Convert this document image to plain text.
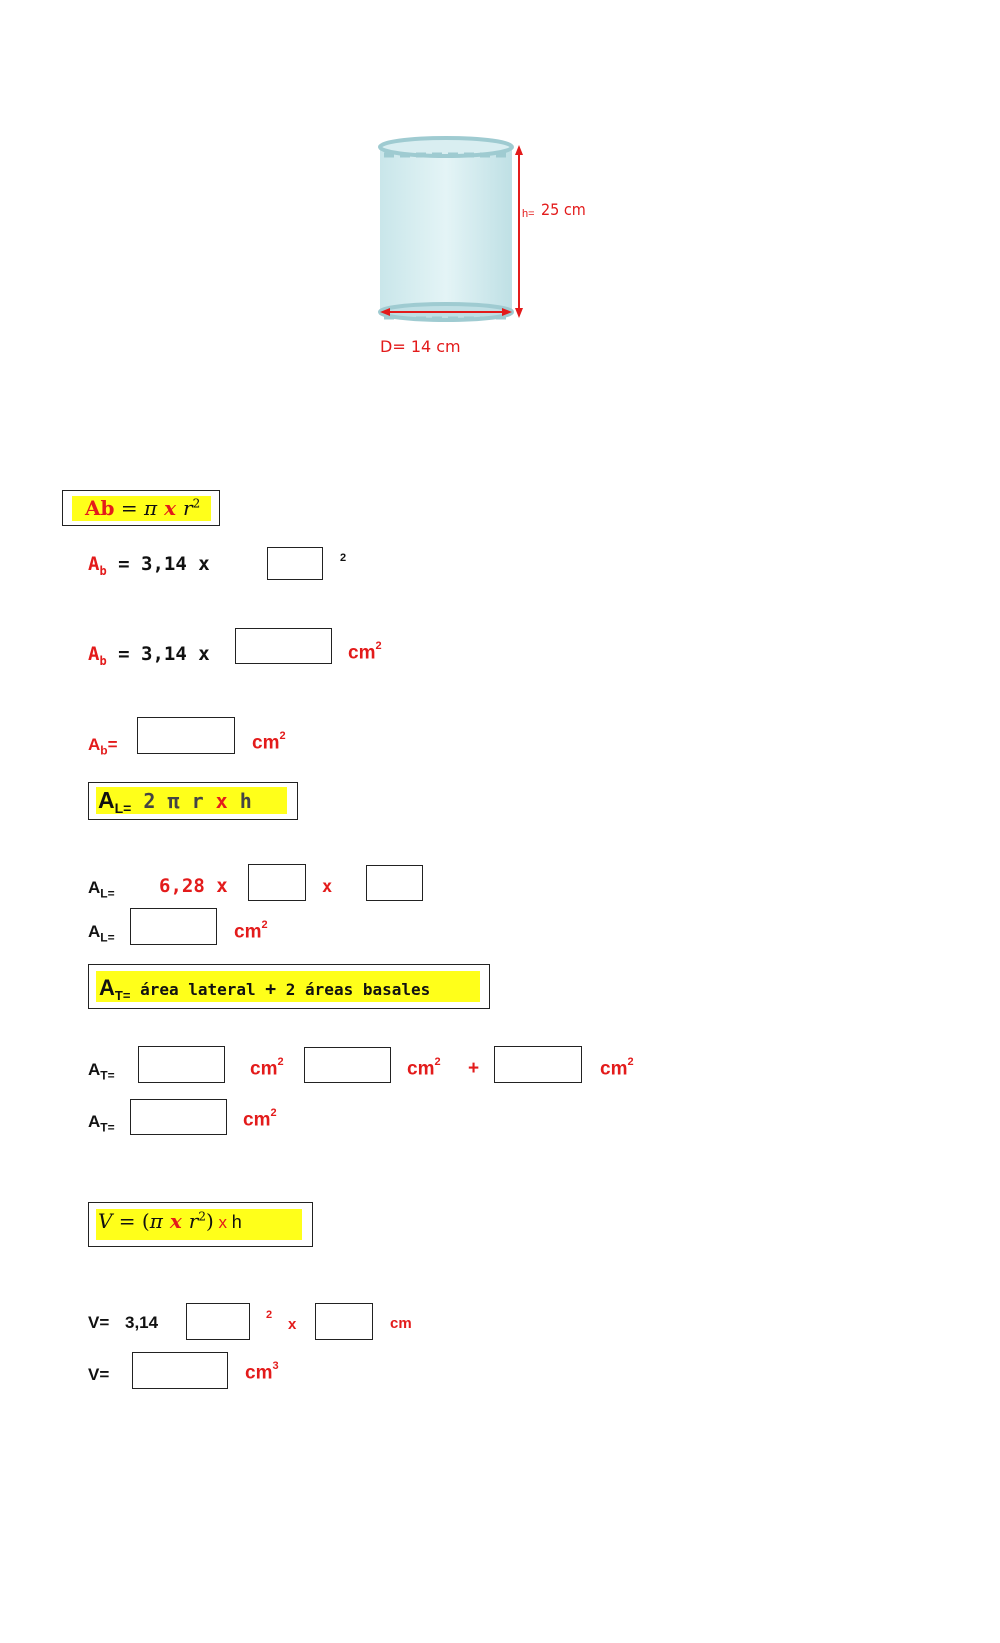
h= 25 cm
D= 14 cm
Ab = π x $r^2$
$A_b = 3,14$ x	2
$A_b = 3,14$ x	$cm^2$
$A_b=$	$cm^2$
$A_{L=}$ 2 π r x h
$A_{L=}$ 6,28 x	x
$A_{L=}$	$cm^2$
$A_{T=}$ área lateral + 2 áreas basales
$A_{T=}$	$cm^2$	$cm^2$ +	$cm^2$
$A_{T=}$	$cm^2$
V = (π x $r^2$) x h
V= 3,14	2
x	cm
V=	$cm^3$
